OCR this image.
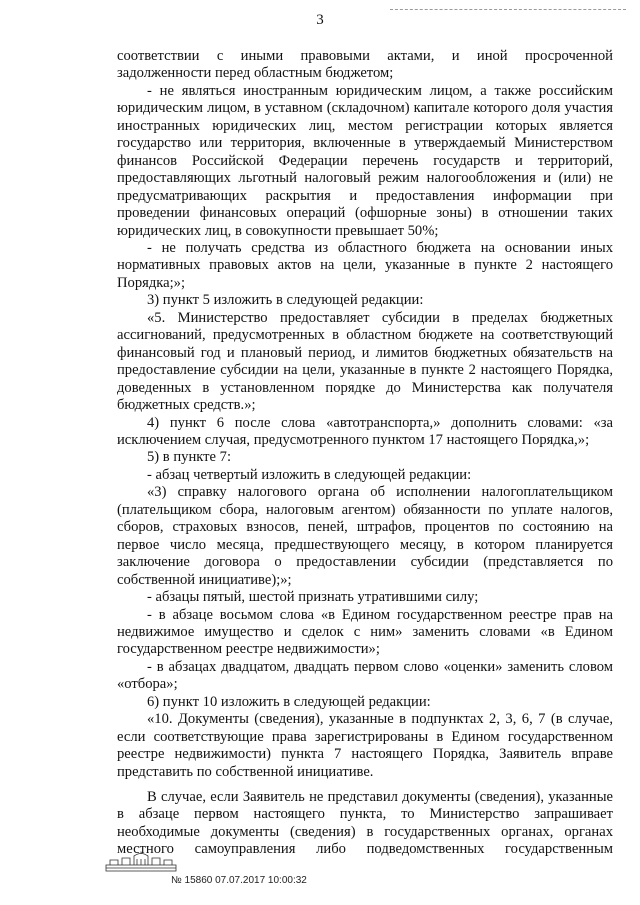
3

соответствии с иными правовыми актами, и иной просроченной задолженности перед областным бюджетом;

- не являться иностранным юридическим лицом, а также российским юридическим лицом, в уставном (складочном) капитале которого доля участия иностранных юридических лиц, местом регистрации которых является государство или территория, включенные в утверждаемый Министерством финансов Российской Федерации перечень государств и территорий, предоставляющих льготный налоговый режим налогообложения и (или) не предусматривающих раскрытия и предоставления информации при проведении финансовых операций (офшорные зоны) в отношении таких юридических лиц, в совокупности превышает 50%;

- не получать средства из областного бюджета на основании иных нормативных правовых актов на цели, указанные в пункте 2 настоящего Порядка;»;

3) пункт 5 изложить в следующей редакции:

«5. Министерство предоставляет субсидии в пределах бюджетных ассигнований, предусмотренных в областном бюджете на соответствующий финансовый год и плановый период, и лимитов бюджетных обязательств на предоставление субсидии на цели, указанные в пункте 2 настоящего Порядка, доведенных в установленном порядке до Министерства как получателя бюджетных средств.»;

4) пункт 6 после слова «автотранспорта,» дополнить словами: «за исключением случая, предусмотренного пунктом 17 настоящего Порядка,»;

5) в пункте 7:

- абзац четвертый изложить в следующей редакции:

«3) справку налогового органа об исполнении налогоплательщиком (плательщиком сбора, налоговым агентом) обязанности по уплате налогов, сборов, страховых взносов, пеней, штрафов, процентов по состоянию на первое число месяца, предшествующего месяцу, в котором планируется заключение договора о предоставлении субсидии (представляется по собственной инициативе);»;

- абзацы пятый, шестой признать утратившими силу;

- в абзаце восьмом слова «в Едином государственном реестре прав на недвижимое имущество и сделок с ним» заменить словами «в Едином государственном реестре недвижимости»;

- в абзацах двадцатом, двадцать первом слово «оценки» заменить словом «отбора»;

6) пункт 10 изложить в следующей редакции:

«10. Документы (сведения), указанные в подпунктах 2, 3, 6, 7 (в случае, если соответствующие права зарегистрированы в Едином государственном реестре недвижимости) пункта 7 настоящего Порядка, Заявитель вправе представить по собственной инициативе.

В случае, если Заявитель не представил документы (сведения), указанные в абзаце первом настоящего пункта, то Министерство запрашивает необходимые документы (сведения) в государственных органах, органах местного самоуправления либо подведомственных государственным

№ 15860 07.07.2017 10:00:32
